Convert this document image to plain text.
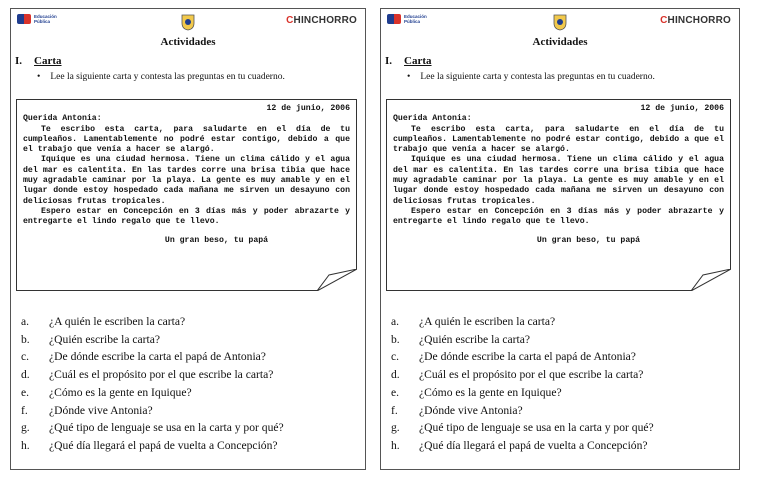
Educación
Pública	CHINCHORRO
Actividades
I. Carta
• Lee la siguiente carta y contesta las preguntas en tu cuaderno.
12 de junio, 2006
Querida Antonia:
Te escribo esta carta, para saludarte en el día de tu cumpleaños. Lamentablemente no podré estar contigo, debido a que el trabajo que venía a hacer se alargó.
Iquique es una ciudad hermosa. Tiene un clima cálido y el agua del mar es calentita. En las tardes corre una brisa tibia que hace muy agradable caminar por la playa. La gente es muy amable y en el lugar donde estoy hospedado cada mañana me sirven un desayuno con deliciosas frutas tropicales.
Espero estar en Concepción en 3 días más y poder abrazarte y entregarte el lindo regalo que te llevo.
Un gran beso, tu papá
a.	¿A quién le escriben la carta?
b.	¿Quién escribe la carta?
c.	¿De dónde escribe la carta el papá de Antonia?
d.	¿Cuál es el propósito por el que escribe la carta?
e.	¿Cómo es la gente en Iquique?
f.	¿Dónde vive Antonia?
g.	¿Qué tipo de lenguaje se usa en la carta y por qué?
h.	¿Qué día llegará el papá de vuelta a Concepción?
Educación
Pública	CHINCHORRO
Actividades
I. Carta
• Lee la siguiente carta y contesta las preguntas en tu cuaderno.
12 de junio, 2006
Querida Antonia:
Te escribo esta carta, para saludarte en el día de tu cumpleaños. Lamentablemente no podré estar contigo, debido a que el trabajo que venía a hacer se alargó.
Iquique es una ciudad hermosa. Tiene un clima cálido y el agua del mar es calentita. En las tardes corre una brisa tibia que hace muy agradable caminar por la playa. La gente es muy amable y en el lugar donde estoy hospedado cada mañana me sirven un desayuno con deliciosas frutas tropicales.
Espero estar en Concepción en 3 días más y poder abrazarte y entregarte el lindo regalo que te llevo.
Un gran beso, tu papá
a.	¿A quién le escriben la carta?
b.	¿Quién escribe la carta?
c.	¿De dónde escribe la carta el papá de Antonia?
d.	¿Cuál es el propósito por el que escribe la carta?
e.	¿Cómo es la gente en Iquique?
f.	¿Dónde vive Antonia?
g.	¿Qué tipo de lenguaje se usa en la carta y por qué?
h.	¿Qué día llegará el papá de vuelta a Concepción?
